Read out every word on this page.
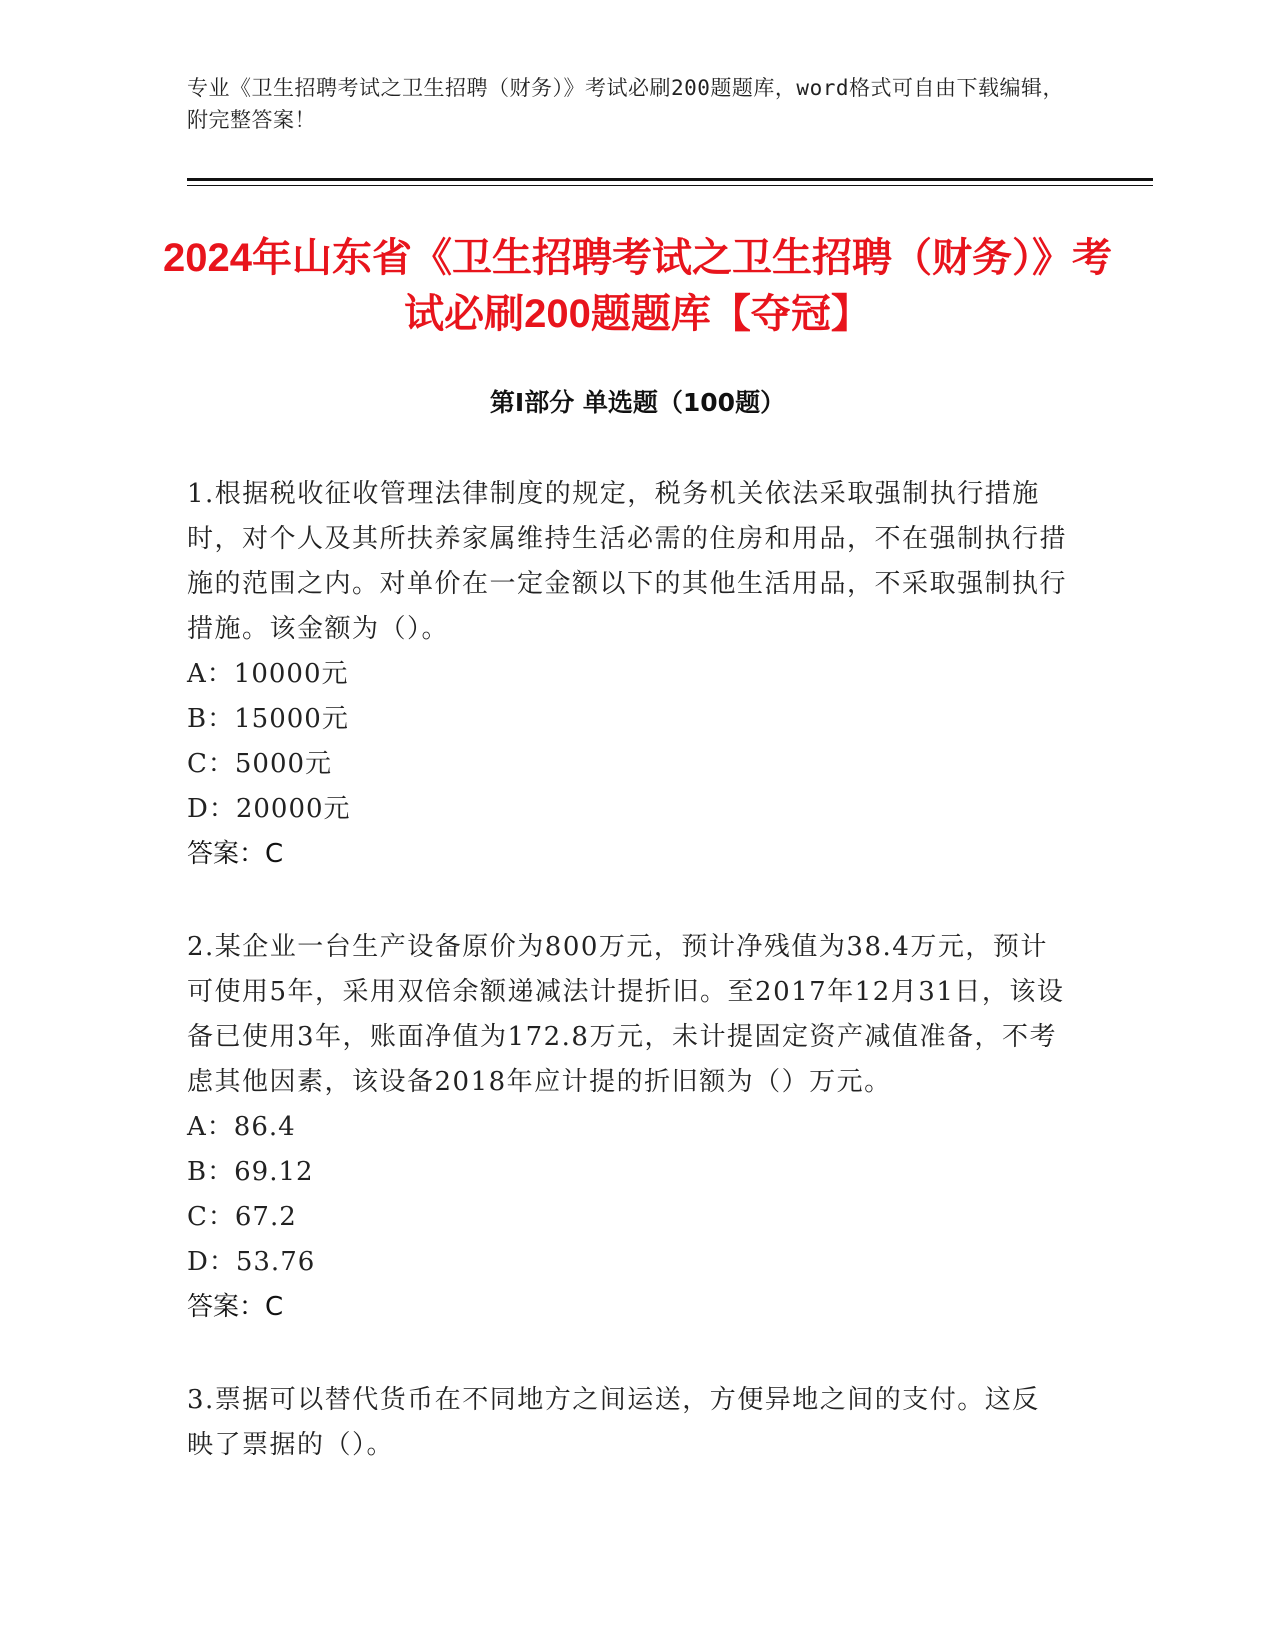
专业《卫生招聘考试之卫生招聘（财务）》考试必刷200题题库，word格式可自由下载编辑，附完整答案！
2024年山东省《卫生招聘考试之卫生招聘（财务）》考试必刷200题题库【夺冠】
第I部分 单选题（100题）

1.根据税收征收管理法律制度的规定，税务机关依法采取强制执行措施时，对个人及其所扶养家属维持生活必需的住房和用品，不在强制执行措施的范围之内。对单价在一定金额以下的其他生活用品，不采取强制执行措施。该金额为（）。

A：10000元

B：15000元

C：5000元

D：20000元

答案：C

2.某企业一台生产设备原价为800万元，预计净残值为38.4万元，预计可使用5年，采用双倍余额递减法计提折旧。至2017年12月31日，该设备已使用3年，账面净值为172.8万元，未计提固定资产减值准备，不考虑其他因素，该设备2018年应计提的折旧额为（）万元。

A：86.4

B：69.12

C：67.2

D：53.76

答案：C

3.票据可以替代货币在不同地方之间运送，方便异地之间的支付。这反映了票据的（）。
